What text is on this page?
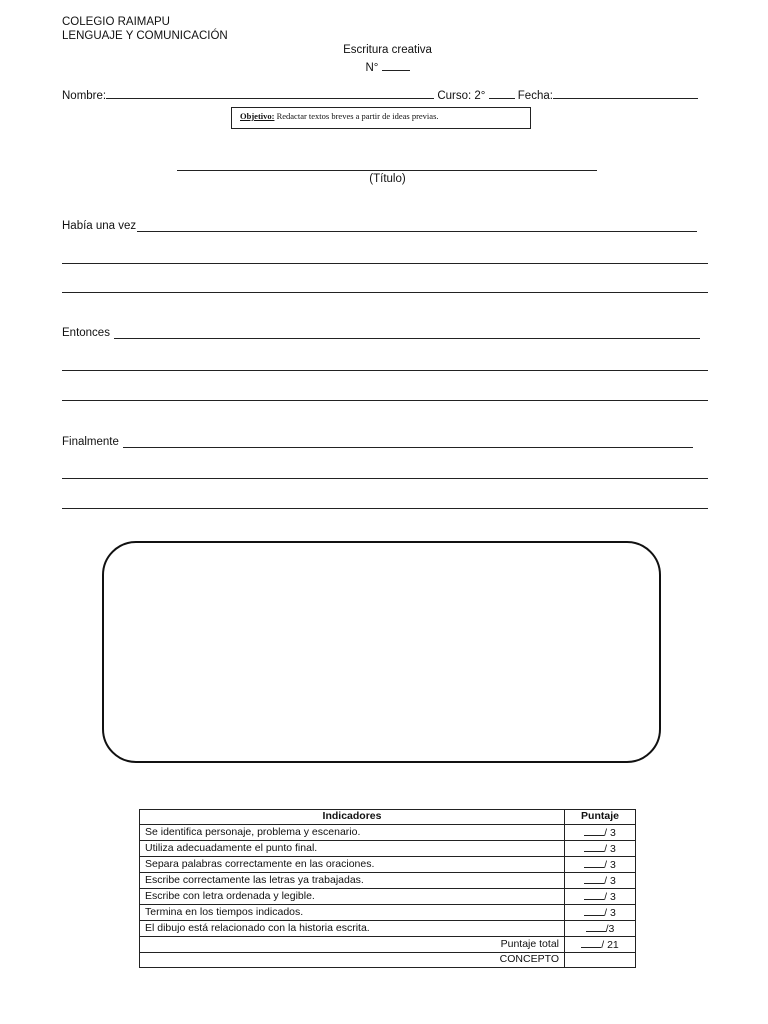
COLEGIO RAIMAPU
LENGUAJE Y COMUNICACIÓN
Escritura creativa
N°
Nombre:	Curso: 2°	Fecha:
Objetivo: Redactar textos breves a partir de ideas previas.
(Título)
Había una vez
Entonces
Finalmente
Indicadores	Puntaje
Se identifica personaje, problema y escenario.	/ 3
Utiliza adecuadamente el punto final.	/ 3
Separa palabras correctamente en las oraciones.	/ 3
Escribe correctamente las letras ya trabajadas.	/ 3
Escribe con letra ordenada y legible.	/ 3
Termina en los tiempos indicados.	/ 3
El dibujo está relacionado con la historia escrita.	/3
Puntaje total	/ 21
CONCEPTO	
